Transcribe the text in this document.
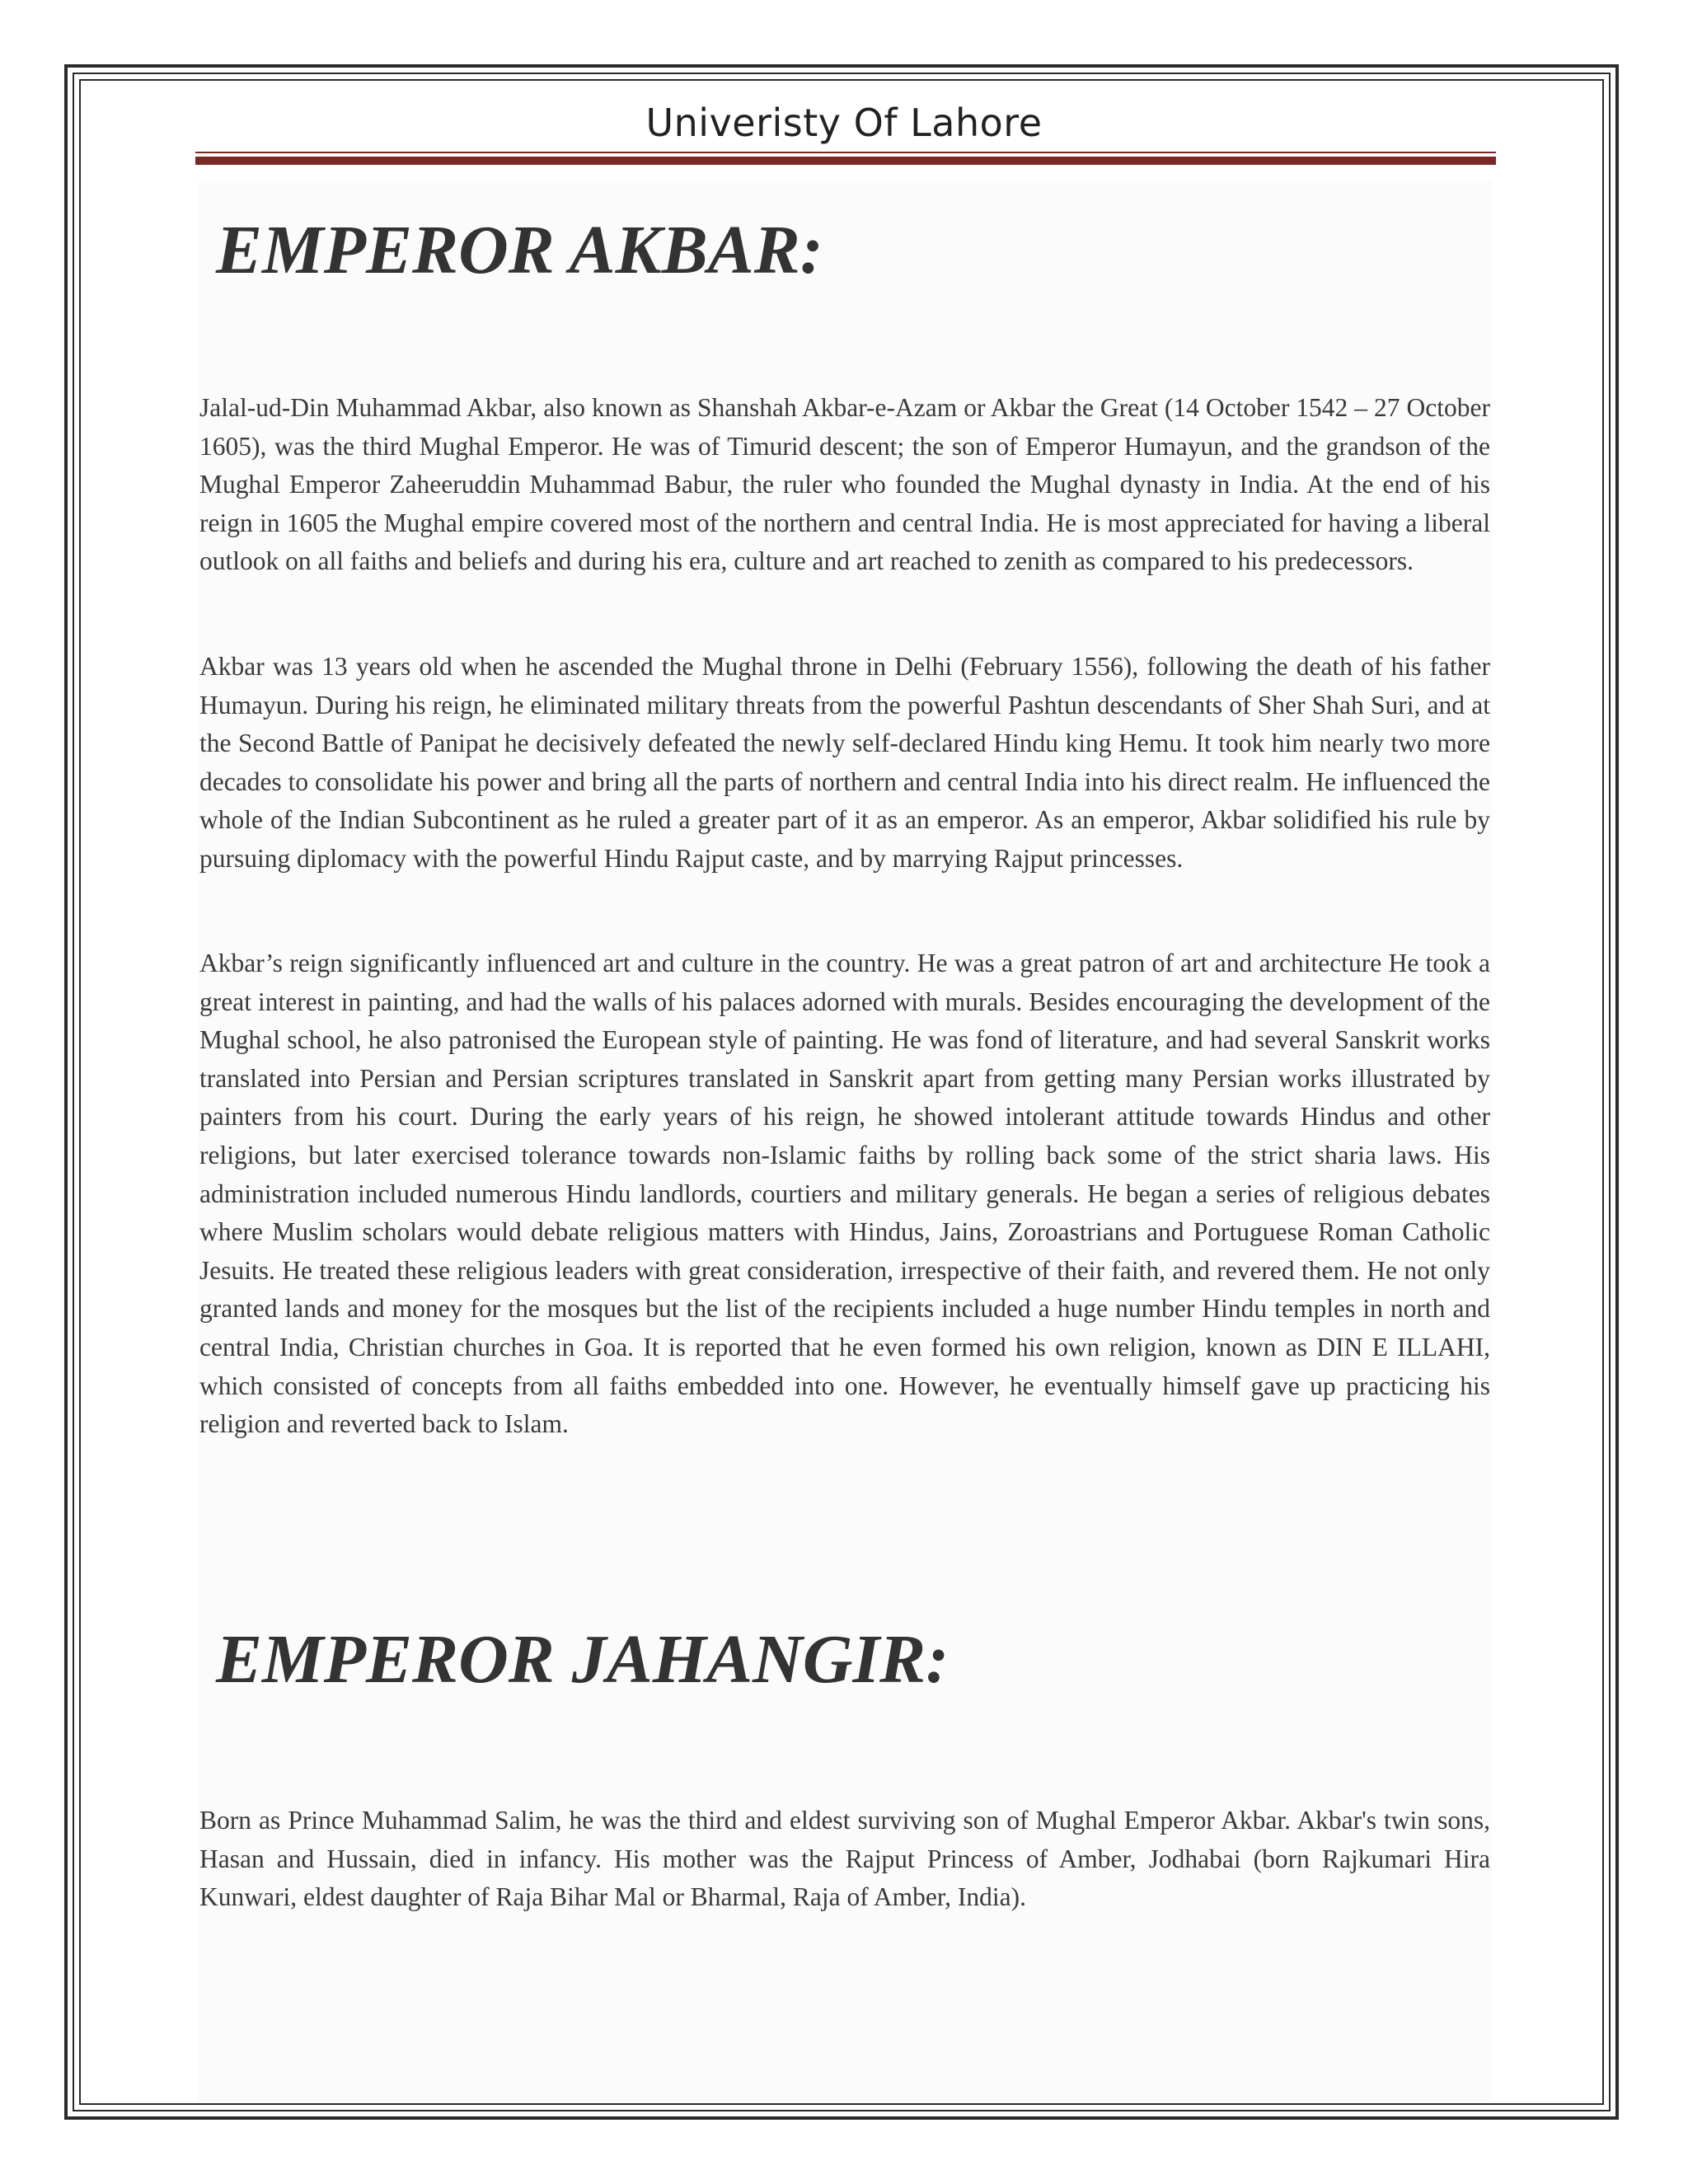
Univeristy Of Lahore
EMPEROR AKBAR:

Jalal-ud-Din Muhammad Akbar, also known as Shanshah Akbar-e-Azam or Akbar the Great (14 October 1542 – 27 October 1605), was the third Mughal Emperor. He was of Timurid descent; the son of Emperor Humayun, and the grandson of the Mughal Emperor Zaheeruddin Muhammad Babur, the ruler who founded the Mughal dynasty in India. At the end of his reign in 1605 the Mughal empire covered most of the northern and central India. He is most appreciated for having a liberal outlook on all faiths and beliefs and during his era, culture and art reached to zenith as compared to his predecessors.

Akbar was 13 years old when he ascended the Mughal throne in Delhi (February 1556), following the death of his father Humayun. During his reign, he eliminated military threats from the powerful Pashtun descendants of Sher Shah Suri, and at the Second Battle of Panipat he decisively defeated the newly self-declared Hindu king Hemu. It took him nearly two more decades to consolidate his power and bring all the parts of northern and central India into his direct realm. He influenced the whole of the Indian Subcontinent as he ruled a greater part of it as an emperor. As an emperor, Akbar solidified his rule by pursuing diplomacy with the powerful Hindu Rajput caste, and by marrying Rajput princesses.

Akbar’s reign significantly influenced art and culture in the country. He was a great patron of art and architecture He took a great interest in painting, and had the walls of his palaces adorned with murals. Besides encouraging the development of the Mughal school, he also patronised the European style of painting. He was fond of literature, and had several Sanskrit works translated into Persian and Persian scriptures translated in Sanskrit apart from getting many Persian works illustrated by painters from his court. During the early years of his reign, he showed intolerant attitude towards Hindus and other religions, but later exercised tolerance towards non-Islamic faiths by rolling back some of the strict sharia laws. His administration included numerous Hindu landlords, courtiers and military generals. He began a series of religious debates where Muslim scholars would debate religious matters with Hindus, Jains, Zoroastrians and Portuguese Roman Catholic Jesuits. He treated these religious leaders with great consideration, irrespective of their faith, and revered them. He not only granted lands and money for the mosques but the list of the recipients included a huge number Hindu temples in north and central India, Christian churches in Goa. It is reported that he even formed his own religion, known as DIN E ILLAHI, which consisted of concepts from all faiths embedded into one. However, he eventually himself gave up practicing his religion and reverted back to Islam.

EMPEROR JAHANGIR:

Born as Prince Muhammad Salim, he was the third and eldest surviving son of Mughal Emperor Akbar. Akbar's twin sons, Hasan and Hussain, died in infancy. His mother was the Rajput Princess of Amber, Jodhabai (born Rajkumari Hira Kunwari, eldest daughter of Raja Bihar Mal or Bharmal, Raja of Amber, India).
